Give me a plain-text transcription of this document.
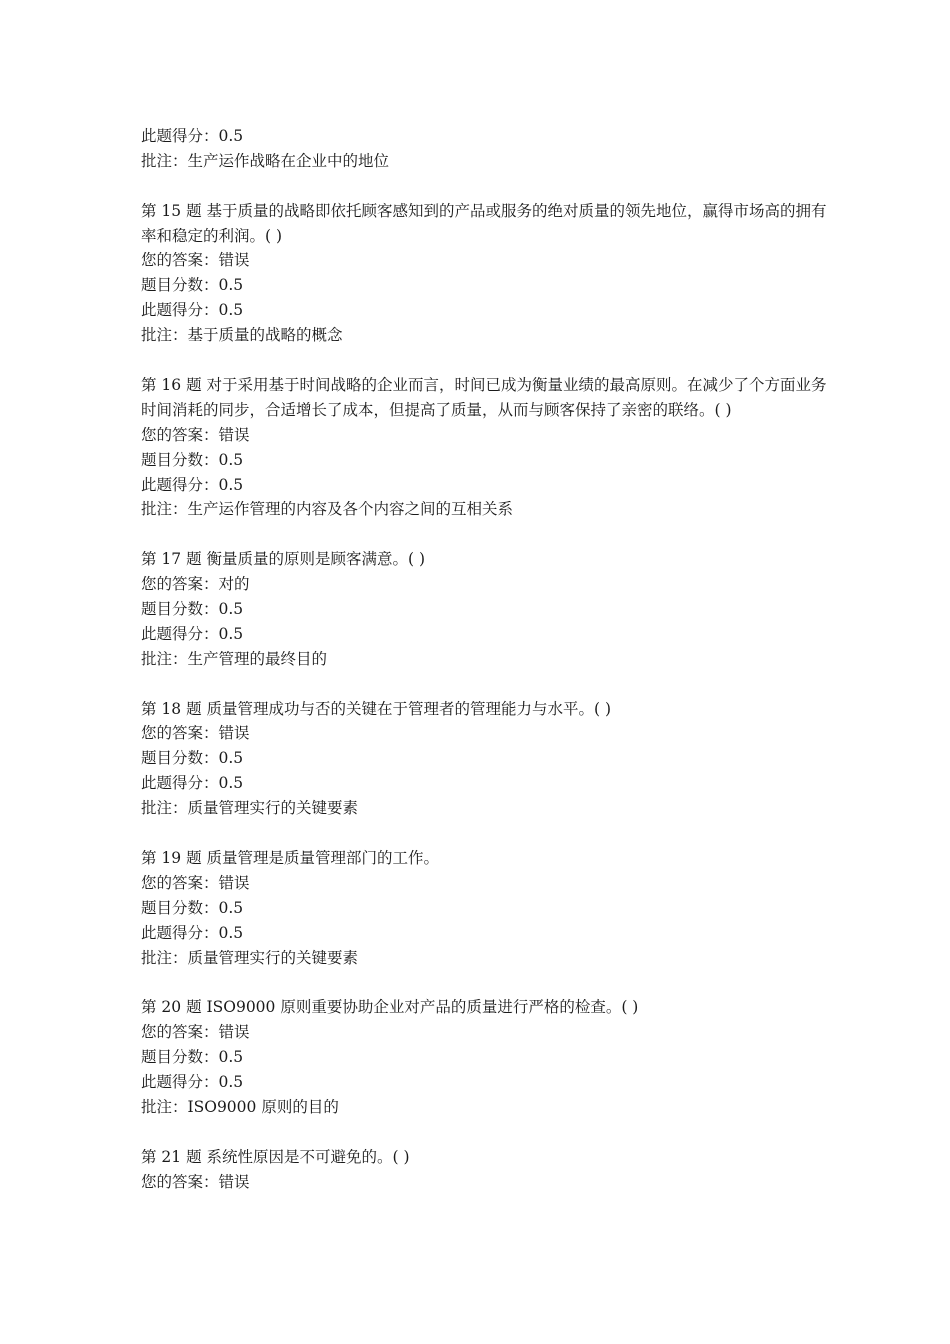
此题得分：0.5
批注：生产运作战略在企业中的地位
第 15 题 基于质量的战略即依托顾客感知到的产品或服务的绝对质量的领先地位，赢得市场高的拥有率和稳定的利润。( )
您的答案：错误
题目分数：0.5
此题得分：0.5
批注：基于质量的战略的概念
第 16 题 对于采用基于时间战略的企业而言，时间已成为衡量业绩的最高原则。在减少了个方面业务时间消耗的同步，合适增长了成本，但提高了质量，从而与顾客保持了亲密的联络。( )
您的答案：错误
题目分数：0.5
此题得分：0.5
批注：生产运作管理的内容及各个内容之间的互相关系
第 17 题 衡量质量的原则是顾客满意。( )
您的答案：对的
题目分数：0.5
此题得分：0.5
批注：生产管理的最终目的
第 18 题 质量管理成功与否的关键在于管理者的管理能力与水平。( )
您的答案：错误
题目分数：0.5
此题得分：0.5
批注：质量管理实行的关键要素
第 19 题 质量管理是质量管理部门的工作。
您的答案：错误
题目分数：0.5
此题得分：0.5
批注：质量管理实行的关键要素
第 20 题 ISO9000 原则重要协助企业对产品的质量进行严格的检查。( )
您的答案：错误
题目分数：0.5
此题得分：0.5
批注：ISO9000 原则的目的
第 21 题 系统性原因是不可避免的。( )
您的答案：错误
